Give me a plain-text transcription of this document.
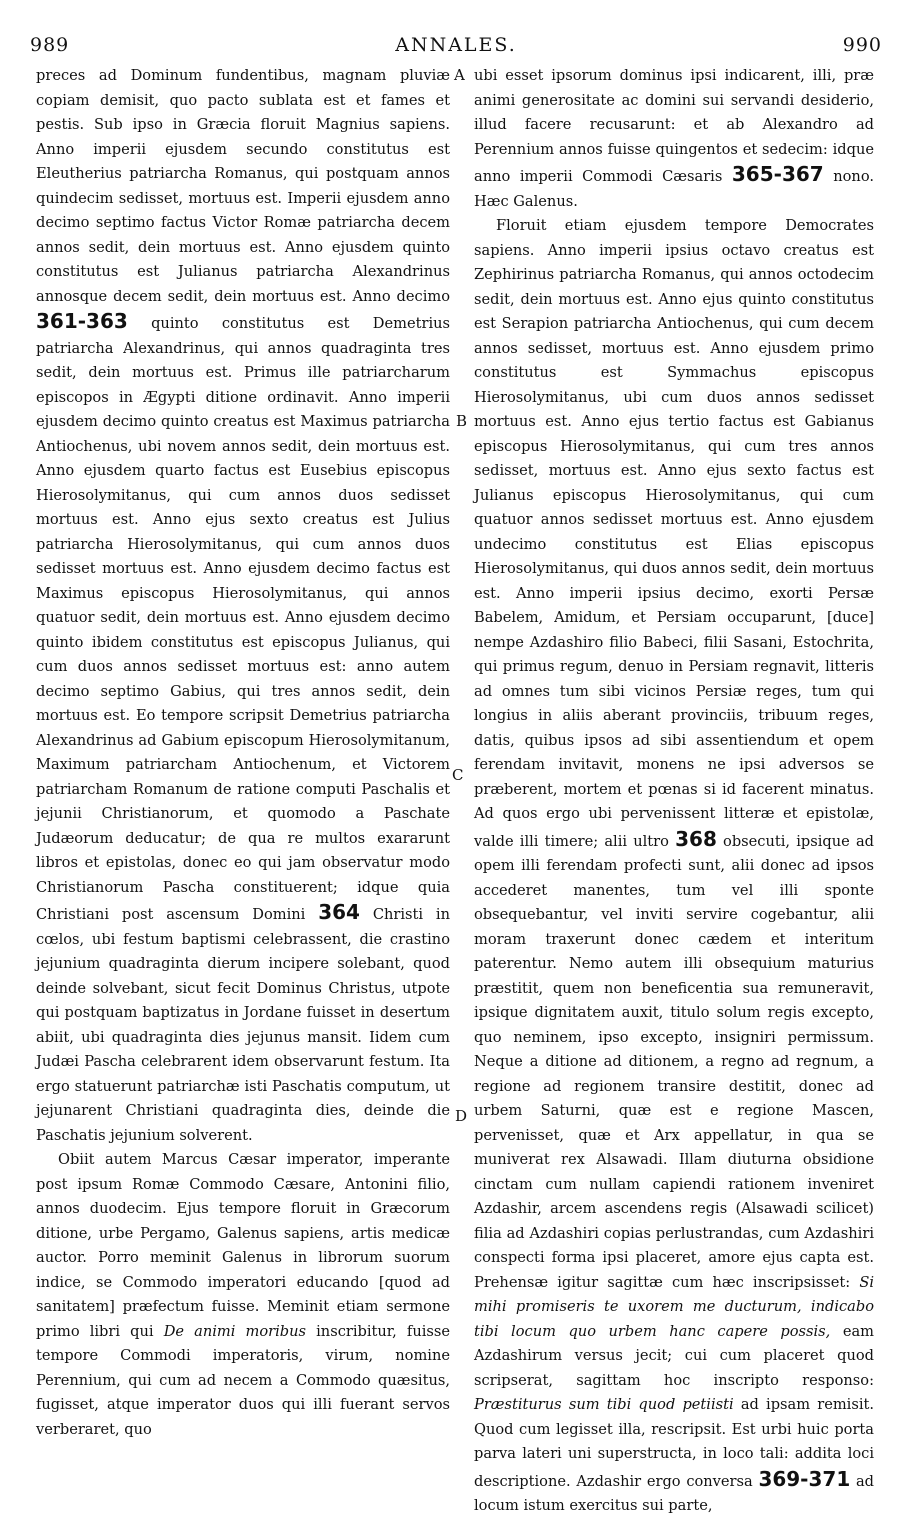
989	ANNALES.	990

preces ad Dominum fundentibus, magnam pluviæ copiam demisit, quo pacto sublata est et fames et pestis. Sub ipso in Græcia floruit Magnius sapiens. Anno imperii ejusdem secundo constitutus est Eleutherius patriarcha Romanus, qui postquam annos quindecim sedisset, mortuus est. Imperii ejusdem anno decimo septimo factus Victor Romæ patriarcha decem annos sedit, dein mortuus est. Anno ejusdem quinto constitutus est Julianus patriarcha Alexandrinus annosque decem sedit, dein mortuus est. Anno decimo 361-363 quinto constitutus est Demetrius patriarcha Alexandrinus, qui annos quadraginta tres sedit, dein mortuus est. Primus ille patriarcharum episcopos in Ægypti ditione ordinavit. Anno imperii ejusdem decimo quinto creatus est Maximus patriarcha Antiochenus, ubi novem annos sedit, dein mortuus est. Anno ejusdem quarto factus est Eusebius episcopus Hierosolymitanus, qui cum annos duos sedisset mortuus est. Anno ejus sexto creatus est Julius patriarcha Hierosolymitanus, qui cum annos duos sedisset mortuus est. Anno ejusdem decimo factus est Maximus episcopus Hierosolymitanus, qui annos quatuor sedit, dein mortuus est. Anno ejusdem decimo quinto ibidem constitutus est episcopus Julianus, qui cum duos annos sedisset mortuus est: anno autem decimo septimo Gabius, qui tres annos sedit, dein mortuus est. Eo tempore scripsit Demetrius patriarcha Alexandrinus ad Gabium episcopum Hierosolymitanum, Maximum patriarcham Antiochenum, et Victorem patriarcham Romanum de ratione computi Paschalis et jejunii Christianorum, et quomodo a Paschate Judæorum deducatur; de qua re multos exararunt libros et epistolas, donec eo qui jam observatur modo Christianorum Pascha constituerent; idque quia Christiani post ascensum Domini 364 Christi in cœlos, ubi festum baptismi celebrassent, die crastino jejunium quadraginta dierum incipere solebant, quod deinde solvebant, sicut fecit Dominus Christus, utpote qui postquam baptizatus in Jordane fuisset in desertum abiit, ubi quadraginta dies jejunus mansit. Iidem cum Judæi Pascha celebrarent idem observarunt festum. Ita ergo statuerunt patriarchæ isti Paschatis computum, ut jejunarent Christiani quadraginta dies, deinde die Paschatis jejunium solverent.

Obiit autem Marcus Cæsar imperator, imperante post ipsum Romæ Commodo Cæsare, Antonini filio, annos duodecim. Ejus tempore floruit in Græcorum ditione, urbe Pergamo, Galenus sapiens, artis medicæ auctor. Porro meminit Galenus in librorum suorum indice, se Commodo imperatori educando [quod ad sanitatem] præfectum fuisse. Meminit etiam sermone primo libri qui De animi moribus inscribitur, fuisse tempore Commodi imperatoris, virum, nomine Perennium, qui cum ad necem a Commodo quæsitus, fugisset, atque imperator duos qui illi fuerant servos verberaret, quo

ubi esset ipsorum dominus ipsi indicarent, illi, præ animi generositate ac domini sui servandi desiderio, illud facere recusarunt: et ab Alexandro ad Perennium annos fuisse quingentos et sedecim: idque anno imperii Commodi Cæsaris 365-367 nono. Hæc Galenus.

Floruit etiam ejusdem tempore Democrates sapiens. Anno imperii ipsius octavo creatus est Zephirinus patriarcha Romanus, qui annos octodecim sedit, dein mortuus est. Anno ejus quinto constitutus est Serapion patriarcha Antiochenus, qui cum decem annos sedisset, mortuus est. Anno ejusdem primo constitutus est Symmachus episcopus Hierosolymitanus, ubi cum duos annos sedisset mortuus est. Anno ejus tertio factus est Gabianus episcopus Hierosolymitanus, qui cum tres annos sedisset, mortuus est. Anno ejus sexto factus est Julianus episcopus Hierosolymitanus, qui cum quatuor annos sedisset mortuus est. Anno ejusdem undecimo constitutus est Elias episcopus Hierosolymitanus, qui duos annos sedit, dein mortuus est. Anno imperii ipsius decimo, exorti Persæ Babelem, Amidum, et Persiam occuparunt, [duce] nempe Azdashiro filio Babeci, filii Sasani, Estochrita, qui primus regum, denuo in Persiam regnavit, litteris ad omnes tum sibi vicinos Persiæ reges, tum qui longius in aliis aberant provinciis, tribuum reges, datis, quibus ipsos ad sibi assentiendum et opem ferendam invitavit, monens ne ipsi adversos se præberent, mortem et pœnas si id facerent minatus. Ad quos ergo ubi pervenissent litteræ et epistolæ, valde illi timere; alii ultro 368 obsecuti, ipsique ad opem illi ferendam profecti sunt, alii donec ad ipsos accederet manentes, tum vel illi sponte obsequebantur, vel inviti servire cogebantur, alii moram traxerunt donec cædem et interitum paterentur. Nemo autem illi obsequium maturius præstitit, quem non beneficentia sua remuneravit, ipsique dignitatem auxit, titulo solum regis excepto, quo neminem, ipso excepto, insigniri permissum. Neque a ditione ad ditionem, a regno ad regnum, a regione ad regionem transire destitit, donec ad urbem Saturni, quæ est e regione Mascen, pervenisset, quæ et Arx appellatur, in qua se muniverat rex Alsawadi. Illam diuturna obsidione cinctam cum nullam capiendi rationem inveniret Azdashir, arcem ascendens regis (Alsawadi scilicet) filia ad Azdashiri copias perlustrandas, cum Azdashiri conspecti forma ipsi placeret, amore ejus capta est. Prehensæ igitur sagittæ cum hæc inscripsisset: Si mihi promiseris te uxorem me ducturum, indicabo tibi locum quo urbem hanc capere possis, eam Azdashirum versus jecit; cui cum placeret quod scripserat, sagittam hoc inscripto responso: Præstiturus sum tibi quod petiisti ad ipsam remisit. Quod cum legisset illa, rescripsit. Est urbi huic porta parva lateri uni superstructa, in loco tali: addita loci descriptione. Azdashir ergo conversa 369-371 ad locum istum exercitus sui parte,

A
B
C
D
